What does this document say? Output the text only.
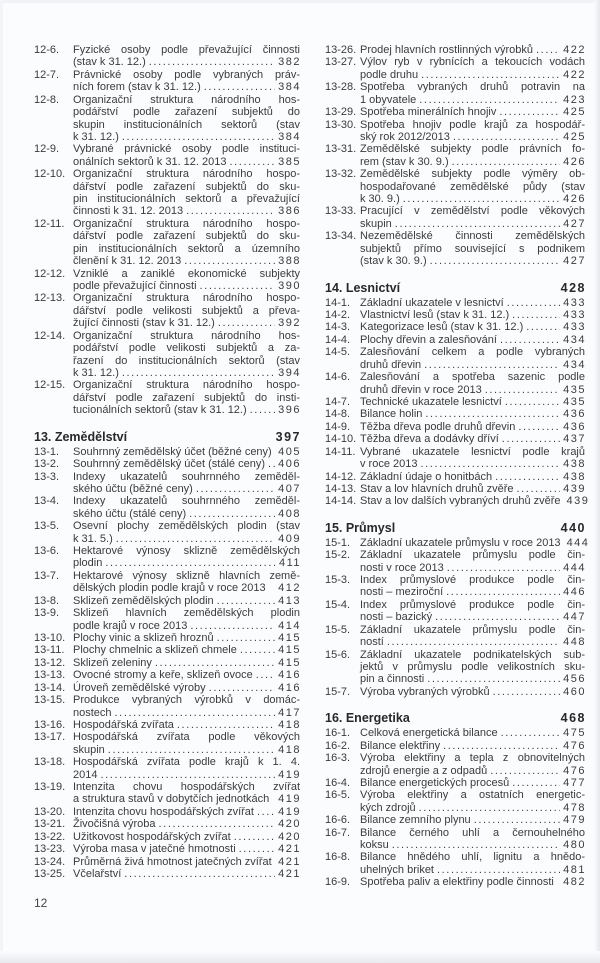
12-6. Fyzické osoby podle převažující činnosti
(stav k 31. 12.) .....	382
12-7. Právnické osoby podle vybraných práv-
ních forem (stav k 31. 12.) .....	384
12-8. Organizační struktura národního hos-
podářství podle zařazení subjektů do
skupin institucionálních sektorů (stav
k 31. 12.) .....	384
12-9. Vybrané právnické osoby podle instituci-
onálních sektorů k 31. 12. 2013 .....	385
12-10. Organizační struktura národního hospo-
dářství podle zařazení subjektů do sku-
pin institucionálních sektorů a převažující
činnosti k 31. 12. 2013 .....	386
12-11. Organizační struktura národního hospo-
dářství podle zařazení subjektů do sku-
pin institucionálních sektorů a územního
členění k 31. 12. 2013 .....	388
12-12. Vzniklé a zaniklé ekonomické subjekty
podle převažující činnosti .....	390
12-13. Organizační struktura národního hospo-
dářství podle velikosti subjektů a převa-
žující činnosti (stav k 31. 12.) .....	392
12-14. Organizační struktura národního hos-
podářství podle velikosti subjektů a za-
řazení do institucionálních sektorů (stav
k 31. 12.) .....	394
12-15. Organizační struktura národního hospo-
dářství podle zařazení subjektů do insti-
tucionálních sektorů (stav k 31. 12.) .....	396
13. Zemědělství	397
13-1. Souhrnný zemědělský účet (běžné ceny) 405
13-2. Souhrnný zemědělský účet (stálé ceny) ..... 406
13-3. Indexy ukazatelů souhrnného zeměděl-
ského účtu (běžné ceny) .....	407
13-4. Indexy ukazatelů souhrnného zeměděl-
ského účtu (stálé ceny) .....	408
13-5. Osevní plochy zemědělských plodin (stav
k 31. 5.) .....	409
13-6. Hektarové výnosy sklizně zemědělských
plodin .....	411
13-7. Hektarové výnosy sklizně hlavních země-
dělských plodin podle krajů v roce 2013 412
13-8. Sklizeň zemědělských plodin .....	413
13-9. Sklizeň hlavních zemědělských plodin
podle krajů v roce 2013 .....	414
13-10. Plochy vinic a sklizeň hroznů .....	415
13-11. Plochy chmelnic a sklizeň chmele .....	415
13-12. Sklizeň zeleniny .....	415
13-13. Ovocné stromy a keře, sklizeň ovoce ..... 416
13-14. Úroveň zemědělské výroby .....	416
13-15. Produkce vybraných výrobků v domác-
nostech .....	417
13-16. Hospodářská zvířata .....	418
13-17. Hospodářská zvířata podle věkových
skupin .....	418
13-18. Hospodářská zvířata podle krajů k 1. 4.
2014 .....	419
13-19. Intenzita chovu hospodářských zvířat
a struktura stavů v dobytčích jednotkách 419
13-20. Intenzita chovu hospodářských zvířat ..... 419
13-21. Živočišná výroba .....	420
13-22. Užitkovost hospodářských zvířat .....	420
13-23. Výroba masa v jatečné hmotnosti .....	421
13-24. Průměrná živá hmotnost jatečných zvířat 421
13-25. Včelařství .....	421
13-26. Prodej hlavních rostlinných výrobků .....	422
13-27. Výlov ryb v rybnících a tekoucích vodách
podle druhu .....	422
13-28. Spotřeba vybraných druhů potravin na
1 obyvatele .....	423
13-29. Spotřeba minerálních hnojiv .....	425
13-30. Spotřeba hnojiv podle krajů za hospodář-
ský rok 2012/2013 .....	425
13-31. Zemědělské subjekty podle právních fo-
rem (stav k 30. 9.) .....	426
13-32. Zemědělské subjekty podle výměry ob-
hospodařované zemědělské půdy (stav
k 30. 9.) .....	426
13-33. Pracující v zemědělství podle věkových
skupin .....	427
13-34. Nezemědělské činnosti zemědělských
subjektů přímo související s podnikem
(stav k 30. 9.) .....	427
14. Lesnictví	428
14-1. Základní ukazatele v lesnictví .....	433
14-2. Vlastnictví lesů (stav k 31. 12.) .....	433
14-3. Kategorizace lesů (stav k 31. 12.) .....	433
14-4. Plochy dřevin a zalesňování .....	434
14-5. Zalesňování celkem a podle vybraných
druhů dřevin .....	434
14-6. Zalesňování a spotřeba sazenic podle
druhů dřevin v roce 2013 .....	435
14-7. Technické ukazatele lesnictví .....	435
14-8. Bilance holin .....	436
14-9. Těžba dřeva podle druhů dřevin .....	436
14-10. Těžba dřeva a dodávky dříví .....	437
14-11. Vybrané ukazatele lesnictví podle krajů
v roce 2013 .....	438
14-12. Základní údaje o honitbách .....	438
14-13. Stav a lov hlavních druhů zvěře .....	439
14-14. Stav a lov dalších vybraných druhů zvěře 439
15. Průmysl	440
15-1. Základní ukazatele průmyslu v roce 2013 444
15-2. Základní ukazatele průmyslu podle čin-
nosti v roce 2013 .....	444
15-3. Index průmyslové produkce podle čin-
nosti – meziroční .....	446
15-4. Index průmyslové produkce podle čin-
nosti – bazický .....	447
15-5. Základní ukazatele průmyslu podle čin-
ností .....	448
15-6. Základní ukazatele podnikatelských sub-
jektů v průmyslu podle velikostních sku-
pin a činnosti .....	456
15-7. Výroba vybraných výrobků .....	460
16. Energetika	468
16-1. Celková energetická bilance .....	475
16-2. Bilance elektřiny .....	476
16-3. Výroba elektřiny a tepla z obnovitelných
zdrojů energie a z odpadů .....	476
16-4. Bilance energetických procesů .....	477
16-5. Výroba elektřiny a ostatních energetic-
kých zdrojů .....	478
16-6. Bilance zemního plynu .....	479
16-7. Bilance černého uhlí a černouhelného
koksu .....	480
16-8. Bilance hnědého uhlí, lignitu a hnědo-
uhelných briket .....	481
16-9. Spotřeba paliv a elektřiny podle činnosti 482
12
